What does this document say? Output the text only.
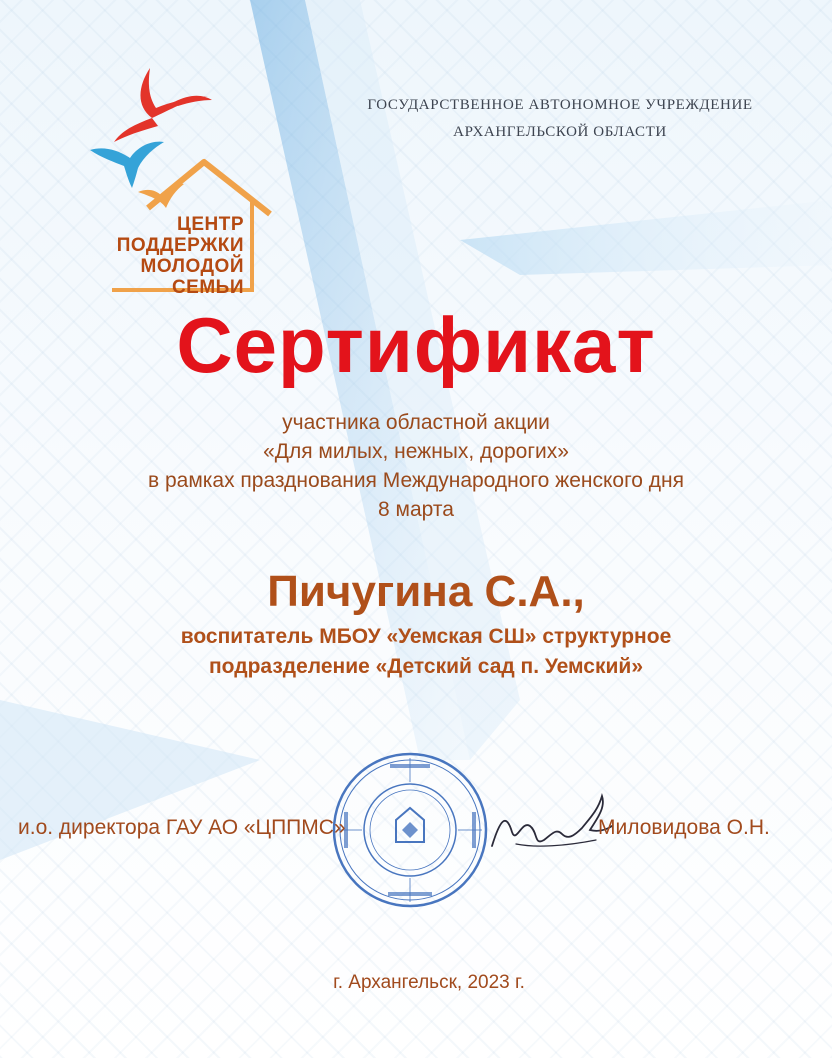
ЦЕНТР
ПОДДЕРЖКИ
МОЛОДОЙ
СЕМЬИ
ГОСУДАРСТВЕННОЕ АВТОНОМНОЕ УЧРЕЖДЕНИЕ
АРХАНГЕЛЬСКОЙ ОБЛАСТИ
Сертификат
участника областной акции
«Для милых, нежных, дорогих»
в рамках празднования Международного женского дня
8 марта
Пичугина С.А.,
воспитатель МБОУ «Уемская СШ» структурное
подразделение «Детский сад п. Уемский»
и.о. директора ГАУ АО «ЦППМС»	Миловидова О.Н.
г. Архангельск, 2023 г.
